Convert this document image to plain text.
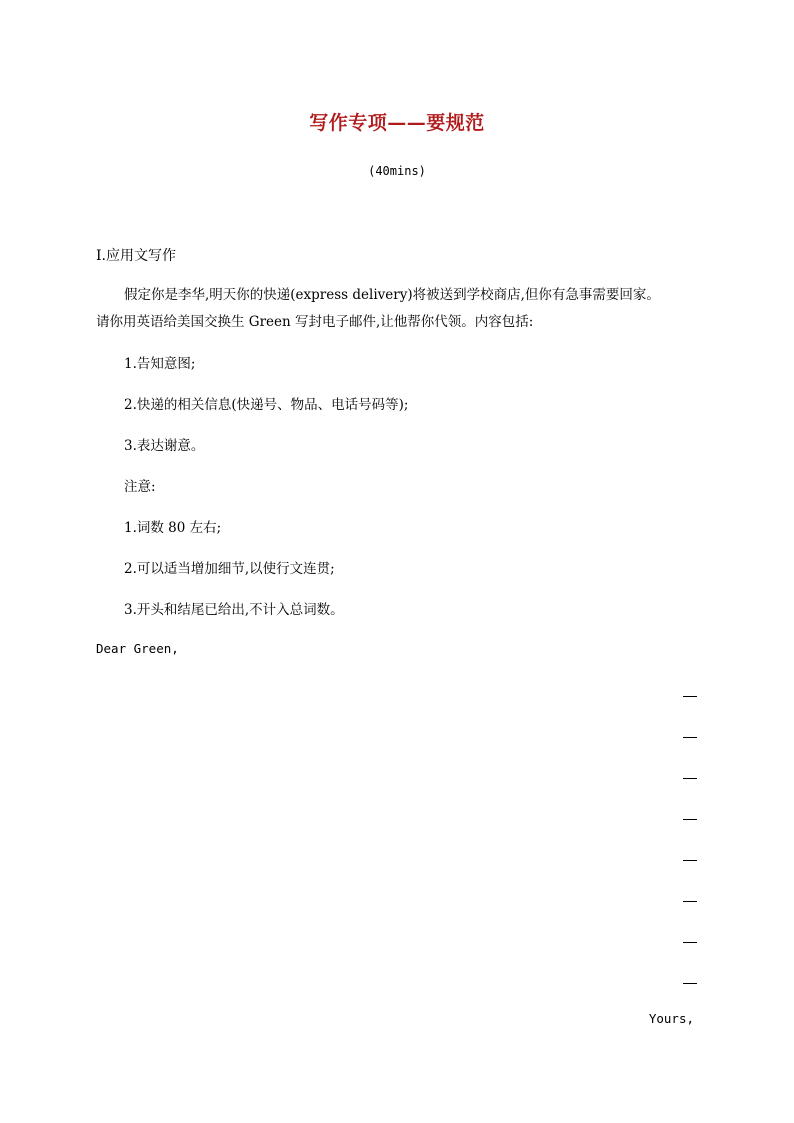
写作专项——要规范
(40mins)
Ⅰ.应用文写作
假定你是李华,明天你的快递(express delivery)将被送到学校商店,但你有急事需要回家。
请你用英语给美国交换生 Green 写封电子邮件,让他帮你代领。内容包括:
1.告知意图;
2.快递的相关信息(快递号、物品、电话号码等);
3.表达谢意。
注意:
1.词数 80 左右;
2.可以适当增加细节,以使行文连贯;
3.开头和结尾已给出,不计入总词数。
Dear Green,
Yours,
